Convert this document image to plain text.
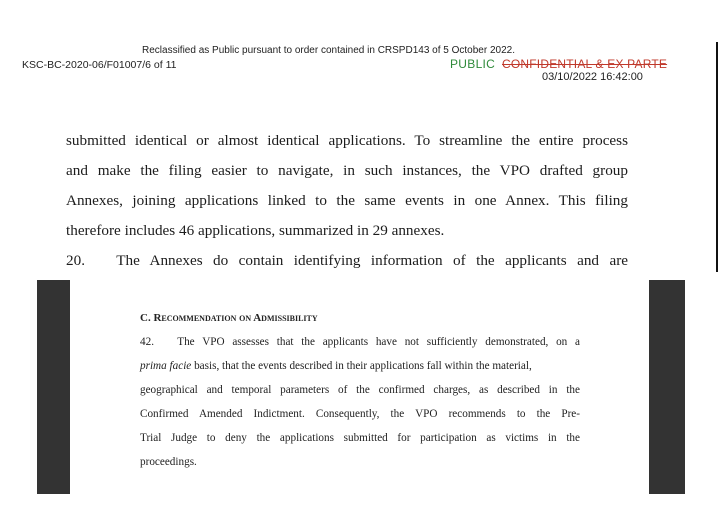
Reclassified as Public pursuant to order contained in CRSPD143 of 5 October 2022.
KSC-BC-2020-06/F01007/6 of 11	PUBLIC CONFIDENTIAL & EX PARTE
03/10/2022 16:42:00
submitted identical or almost identical applications. To streamline the entire process
and make the filing easier to navigate, in such instances, the VPO drafted group
Annexes, joining applications linked to the same events in one Annex. This filing
therefore includes 46 applications, summarized in 29 annexes.
20.   The Annexes do contain identifying information of the applicants and are
C. Recommendation on Admissibility
42.   The VPO assesses that the applicants have not sufficiently demonstrated, on a
prima facie basis, that the events described in their applications fall within the material,
geographical and temporal parameters of the confirmed charges, as described in the
Confirmed Amended Indictment. Consequently, the VPO recommends to the Pre-
Trial Judge to deny the applications submitted for participation as victims in the
proceedings.
